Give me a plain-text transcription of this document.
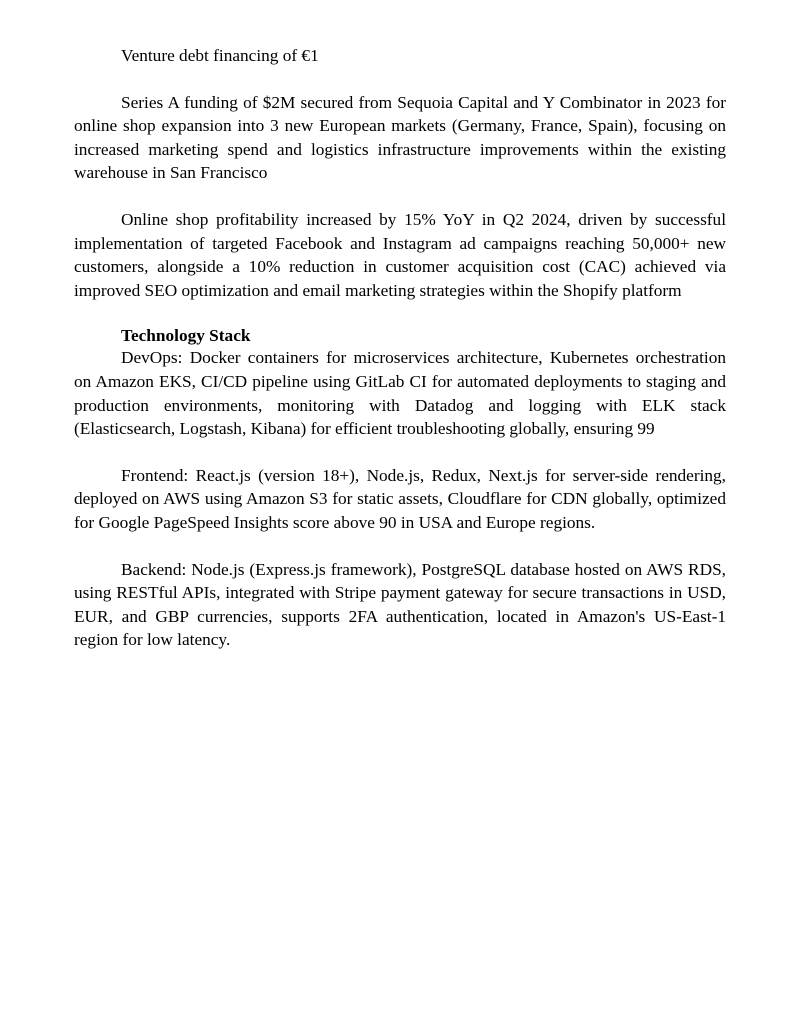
Venture debt financing of €1

Series A funding of $2M secured from Sequoia Capital and Y Combinator in 2023 for online shop expansion into 3 new European markets (Germany, France, Spain), focusing on increased marketing spend and logistics infrastructure improvements within the existing warehouse in San Francisco

Online shop profitability increased by 15% YoY in Q2 2024, driven by successful implementation of targeted Facebook and Instagram ad campaigns reaching 50,000+ new customers, alongside a 10% reduction in customer acquisition cost (CAC) achieved via improved SEO optimization and email marketing strategies within the Shopify platform

Technology Stack

DevOps: Docker containers for microservices architecture, Kubernetes orchestration on Amazon EKS, CI/CD pipeline using GitLab CI for automated deployments to staging and production environments, monitoring with Datadog and logging with ELK stack (Elasticsearch, Logstash, Kibana) for efficient troubleshooting globally, ensuring 99

Frontend: React.js (version 18+), Node.js, Redux, Next.js for server-side rendering, deployed on AWS using Amazon S3 for static assets, Cloudflare for CDN globally, optimized for Google PageSpeed Insights score above 90 in USA and Europe regions.

Backend: Node.js (Express.js framework), PostgreSQL database hosted on AWS RDS, using RESTful APIs, integrated with Stripe payment gateway for secure transactions in USD, EUR, and GBP currencies, supports 2FA authentication, located in Amazon's US-East-1 region for low latency.
